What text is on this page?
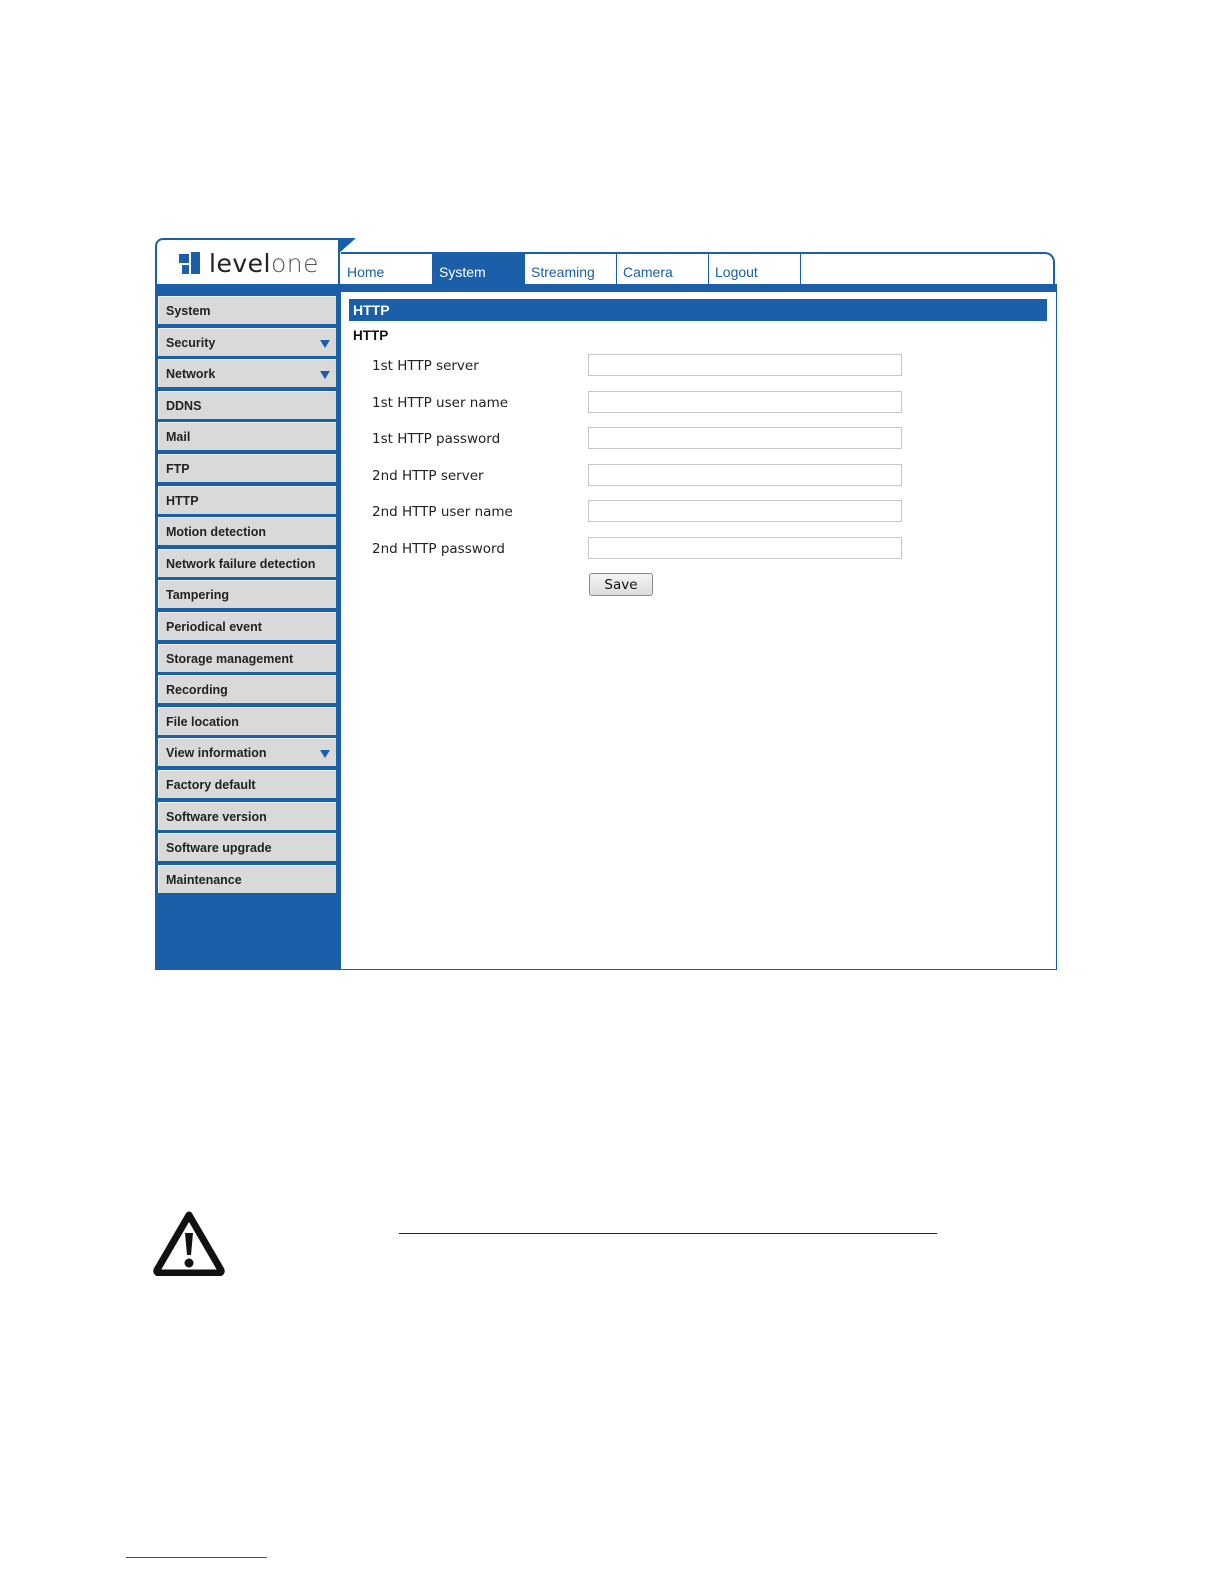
levelone	Home	System	Streaming	Camera	Logout
System
Security
Network
DDNS
Mail
FTP
HTTP
Motion detection
Network failure detection
Tampering
Periodical event
Storage management
Recording
File location
View information
Factory default
Software version
Software upgrade
Maintenance
HTTP
HTTP
1st HTTP server
1st HTTP user name
1st HTTP password
2nd HTTP server
2nd HTTP user name
2nd HTTP password
Save
